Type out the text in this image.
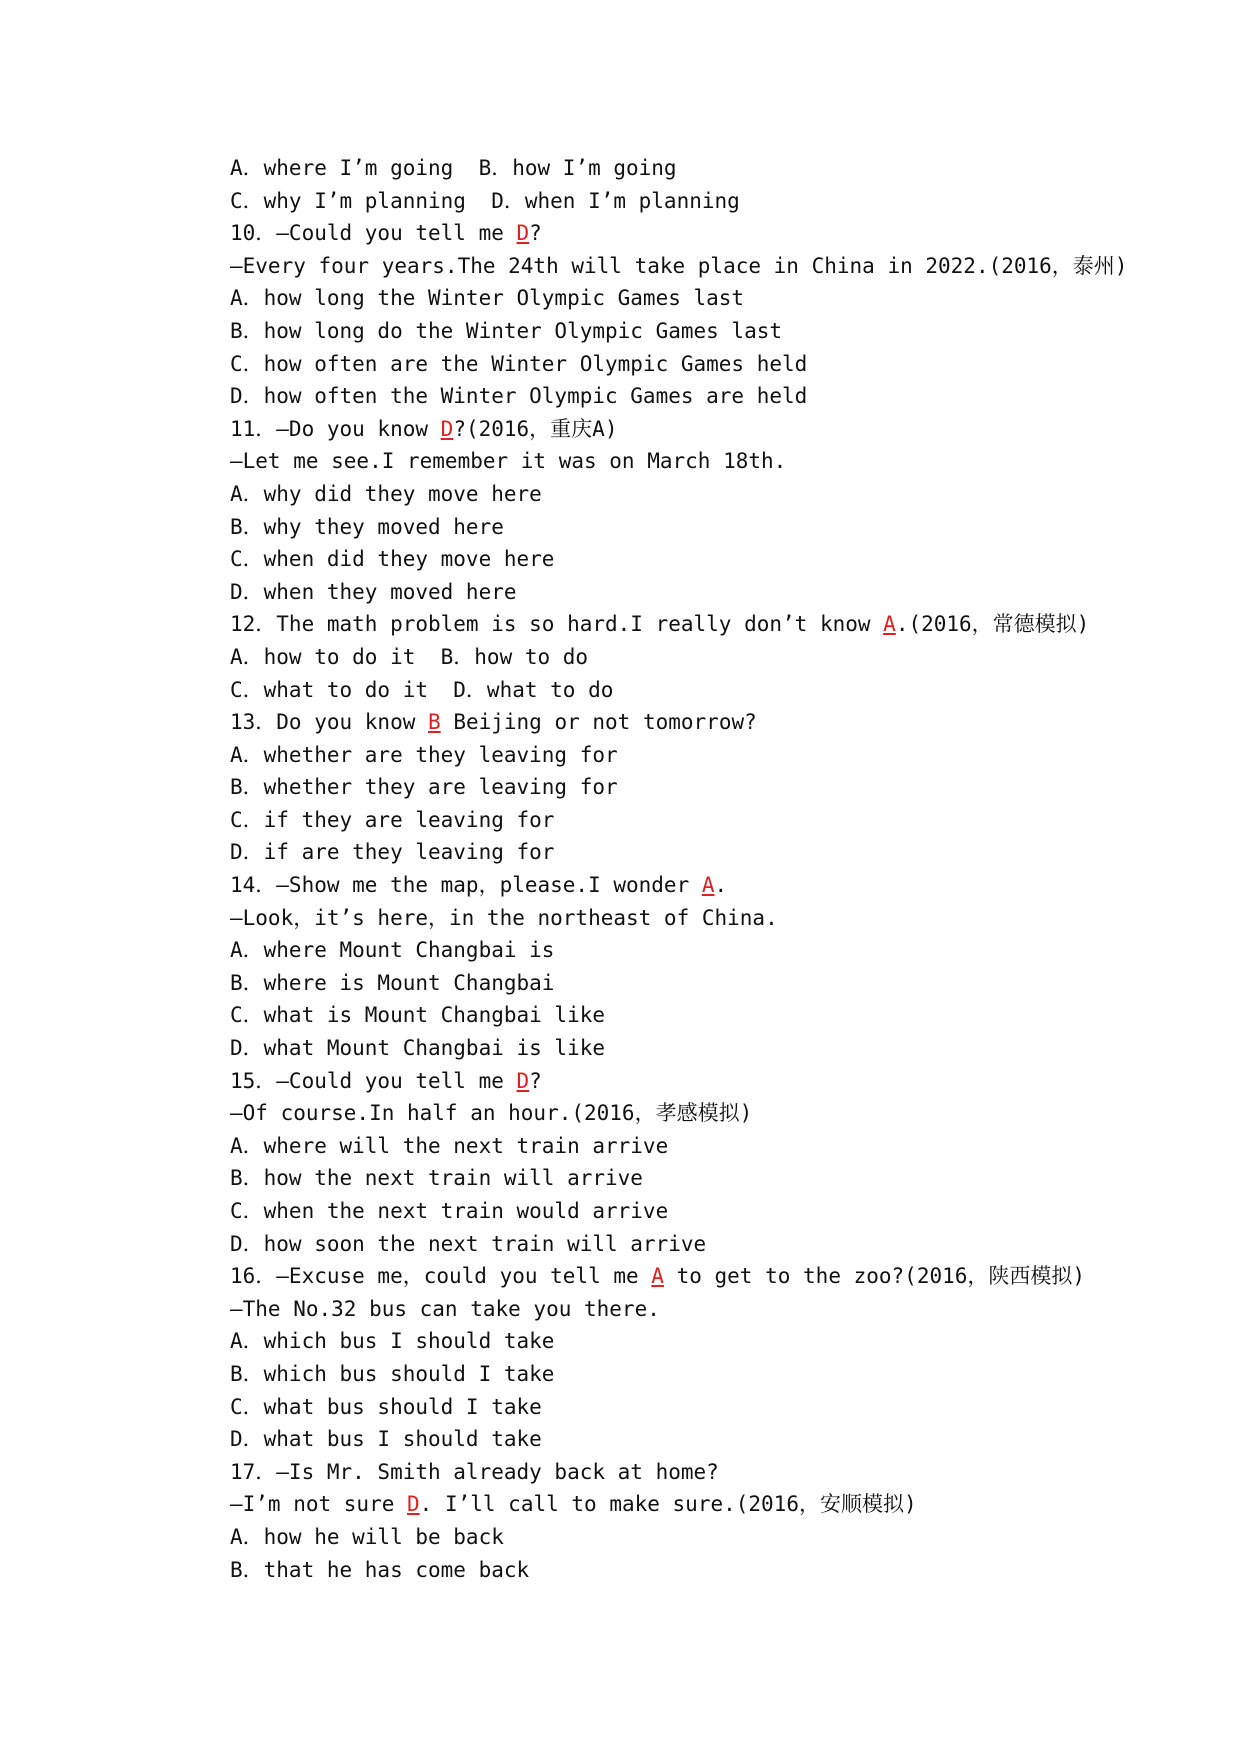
A．where I’m going  B．how I’m going
C．why I’m planning  D．when I’m planning
10．—Could you tell me D?
—Every four years.The 24th will take place in China in 2022.(2016，泰州)
A．how long the Winter Olympic Games last
B．how long do the Winter Olympic Games last
C．how often are the Winter Olympic Games held
D．how often the Winter Olympic Games are held
11．—Do you know D?(2016，重庆A)
—Let me see.I remember it was on March 18th.
A．why did they move here
B．why they moved here
C．when did they move here
D．when they moved here
12．The math problem is so hard.I really don’t know A.(2016，常德模拟)
A．how to do it  B．how to do
C．what to do it  D．what to do
13．Do you know B Beijing or not tomorrow?
A．whether are they leaving for
B．whether they are leaving for
C．if they are leaving for
D．if are they leaving for
14．—Show me the map，please.I wonder A.
—Look，it’s here，in the northeast of China.
A．where Mount Changbai is
B．where is Mount Changbai
C．what is Mount Changbai like
D．what Mount Changbai is like
15．—Could you tell me D?
—Of course.In half an hour.(2016，孝感模拟)
A．where will the next train arrive
B．how the next train will arrive
C．when the next train would arrive
D．how soon the next train will arrive
16．—Excuse me，could you tell me A to get to the zoo?(2016，陕西模拟)
—The No.32 bus can take you there.
A．which bus I should take
B．which bus should I take
C．what bus should I take
D．what bus I should take
17．—Is Mr. Smith already back at home?
—I’m not sure D. I’ll call to make sure.(2016，安顺模拟)
A．how he will be back
B．that he has come back
